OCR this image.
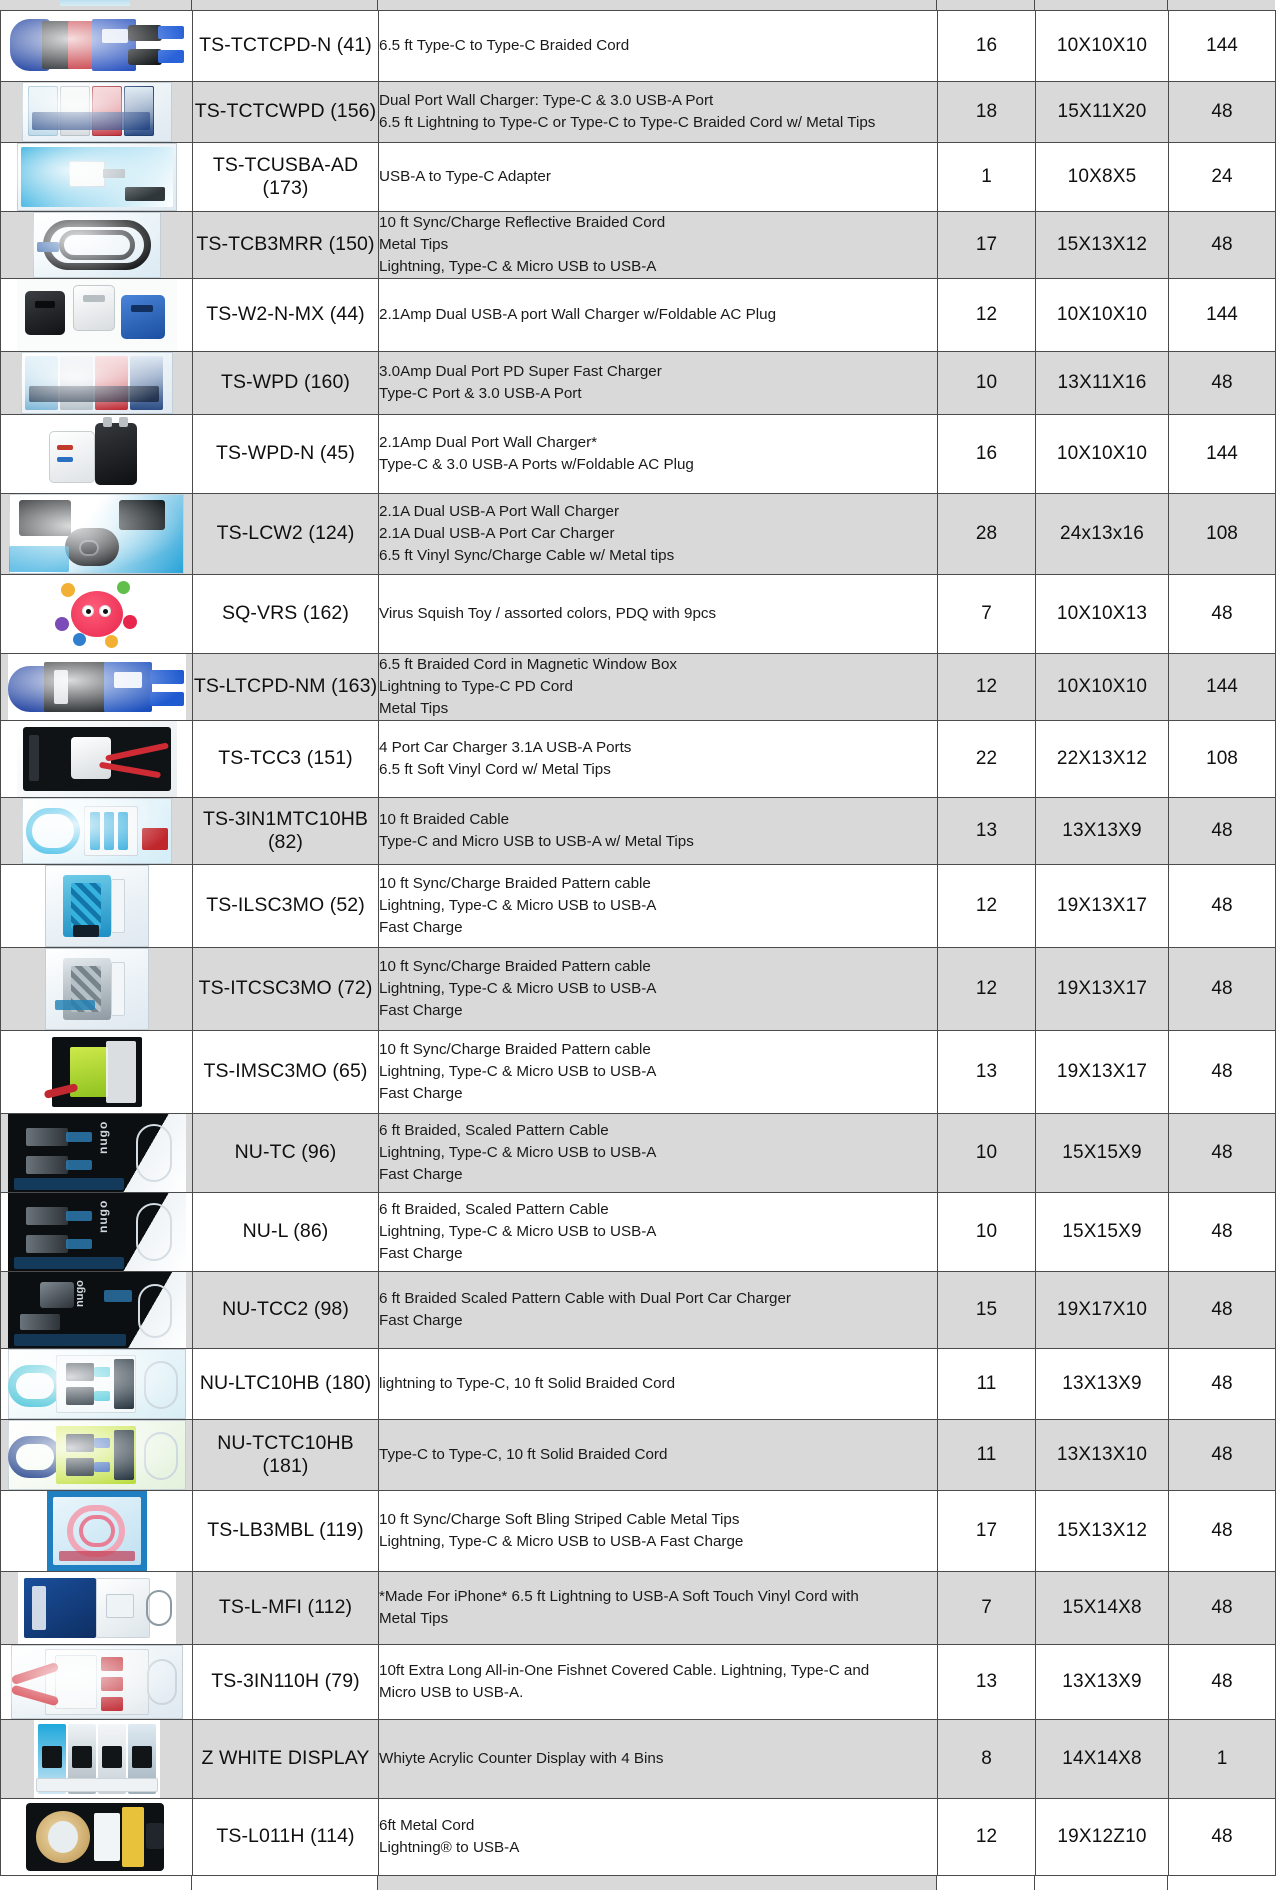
	TS-TCTCPD-N (41)	6.5 ft Type-C to Type-C Braided Cord	16	10X10X10	144

	TS-TCTCWPD (156)	Dual Port Wall Charger: Type-C & 3.0 USB-A Port
6.5 ft Lightning to Type-C or Type-C to Type-C Braided Cord w/ Metal Tips	18	15X11X20	48

	TS-TCUSBA-AD (173)	USB-A to Type-C Adapter	1	10X8X5	24

	TS-TCB3MRR (150)	10 ft Sync/Charge Reflective Braided Cord
Metal Tips
Lightning, Type-C & Micro USB to USB-A	17	15X13X12	48

	TS-W2-N-MX (44)	2.1Amp Dual USB-A port Wall Charger w/Foldable AC Plug	12	10X10X10	144

	TS-WPD (160)	3.0Amp Dual Port PD Super Fast Charger
Type-C Port & 3.0 USB-A Port	10	13X11X16	48

	TS-WPD-N (45)	2.1Amp Dual Port Wall Charger*
Type-C & 3.0 USB-A Ports w/Foldable AC Plug	16	10X10X10	144

	TS-LCW2 (124)	2.1A Dual USB-A Port Wall Charger
2.1A Dual USB-A Port Car Charger
6.5 ft Vinyl Sync/Charge Cable w/ Metal tips	28	24x13x16	108

	SQ-VRS (162)	Virus Squish Toy / assorted colors, PDQ with 9pcs	7	10X10X13	48

	TS-LTCPD-NM (163)	6.5 ft Braided Cord in Magnetic Window Box
Lightning to Type-C PD Cord
Metal Tips	12	10X10X10	144

	TS-TCC3 (151)	4 Port Car Charger 3.1A USB-A Ports
6.5 ft Soft Vinyl Cord w/ Metal Tips	22	22X13X12	108

	TS-3IN1MTC10HB (82)	10 ft Braided Cable
Type-C and Micro USB to USB-A w/ Metal Tips	13	13X13X9	48

	TS-ILSC3MO (52)	10 ft Sync/Charge Braided Pattern cable
Lightning, Type-C & Micro USB to USB-A
Fast Charge	12	19X13X17	48

	TS-ITCSC3MO (72)	10 ft Sync/Charge Braided Pattern cable
Lightning, Type-C & Micro USB to USB-A
Fast Charge	12	19X13X17	48

	TS-IMSC3MO (65)	10 ft Sync/Charge Braided Pattern cable
Lightning, Type-C & Micro USB to USB-A
Fast Charge	13	19X13X17	48

nugo	NU-TC (96)	6 ft Braided, Scaled Pattern Cable
Lightning, Type-C & Micro USB to USB-A
Fast Charge	10	15X15X9	48

nugo	NU-L (86)	6 ft Braided, Scaled Pattern Cable
Lightning, Type-C & Micro USB to USB-A
Fast Charge	10	15X15X9	48

nugo	NU-TCC2 (98)	6 ft Braided Scaled Pattern Cable with Dual Port Car Charger
Fast Charge	15	19X17X10	48

	NU-LTC10HB (180)	lightning to Type-C, 10 ft Solid Braided Cord	11	13X13X9	48

	NU-TCTC10HB (181)	Type-C to Type-C, 10 ft Solid Braided Cord	11	13X13X10	48

	TS-LB3MBL (119)	10 ft Sync/Charge Soft Bling Striped Cable Metal Tips
Lightning, Type-C & Micro USB to USB-A Fast Charge	17	15X13X12	48

	TS-L-MFI (112)	*Made For iPhone* 6.5 ft Lightning to USB-A Soft Touch Vinyl Cord with
Metal Tips	7	15X14X8	48

	TS-3IN110H (79)	10ft Extra Long All-in-One Fishnet Covered Cable. Lightning, Type-C and
Micro USB to USB-A.	13	13X13X9	48

	Z WHITE DISPLAY	Whiyte Acrylic Counter Display with 4 Bins	8	14X14X8	1

	TS-L011H (114)	6ft Metal Cord
Lightning® to USB-A	12	19X12Z10	48
